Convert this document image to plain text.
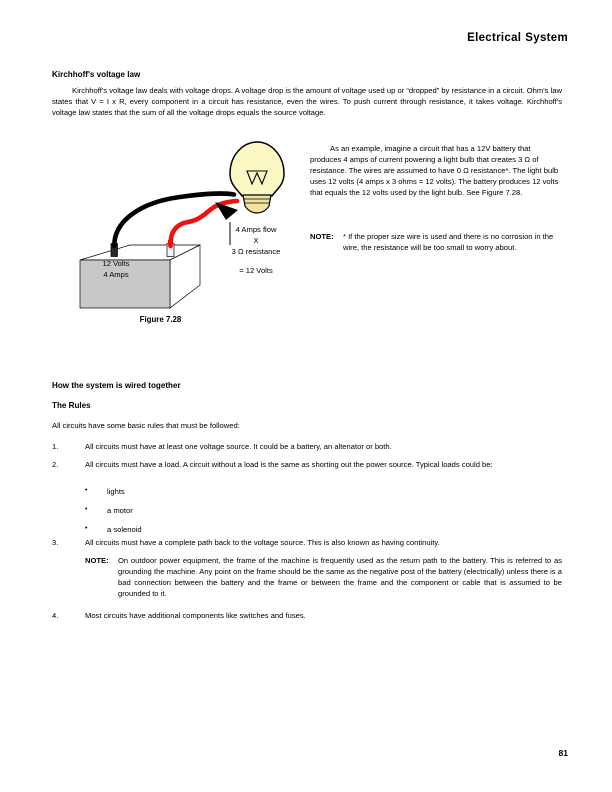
Electrical System
Kirchhoff's voltage law
Kirchhoff's voltage law deals with voltage drops. A voltage drop is the amount of voltage used up or “dropped” by resistance in a circuit. Ohm's law states that V = I x R, every component in a circuit has resistance, even the wires. To push current through resistance, it takes voltage. Kirchhoff's voltage law states that the sum of all the voltage drops equals the source voltage.
As an example, imagine a circuit that has a 12V battery that produces 4 amps of current powering a light bulb that creates 3 Ω of resistance. The wires are assumed to have 0 Ω resistance*. The light bulb uses 12 volts (4 amps x 3 ohms = 12 volts). The battery produces 12 volts that equals the 12 volts used by the light bulb. See Figure 7.28.
NOTE: * If the proper size wire is used and there is no corrosion in the wire, the resistance will be too small to worry about.
12 Volts
4 Amps
4 Amps flow
X
3 Ω resistance
= 12 Volts
Figure 7.28
How the system is wired together
The Rules
All circuits have some basic rules that must be followed:
1.	All circuits must have at least one voltage source. It could be a battery, an altenator or both.
2.	All circuits must have a load. A circuit without a load is the same as shorting out the power source. Typical loads could be:
•	lights
•	a motor
•	a solenoid
3.	All circuits must have a complete path back to the voltage source. This is also known as having continuity.
NOTE: On outdoor power equipment, the frame of the machine is frequently used as the return path to the battery. This is referred to as grounding the machine. Any point on the frame should be the same as the negative post of the battery (electrically) unless there is a bad connection between the battery and the frame or between the frame and the component or cable that is assumed to be grounded to it.
4.	Most circuits have additional components like switches and fuses.
81
